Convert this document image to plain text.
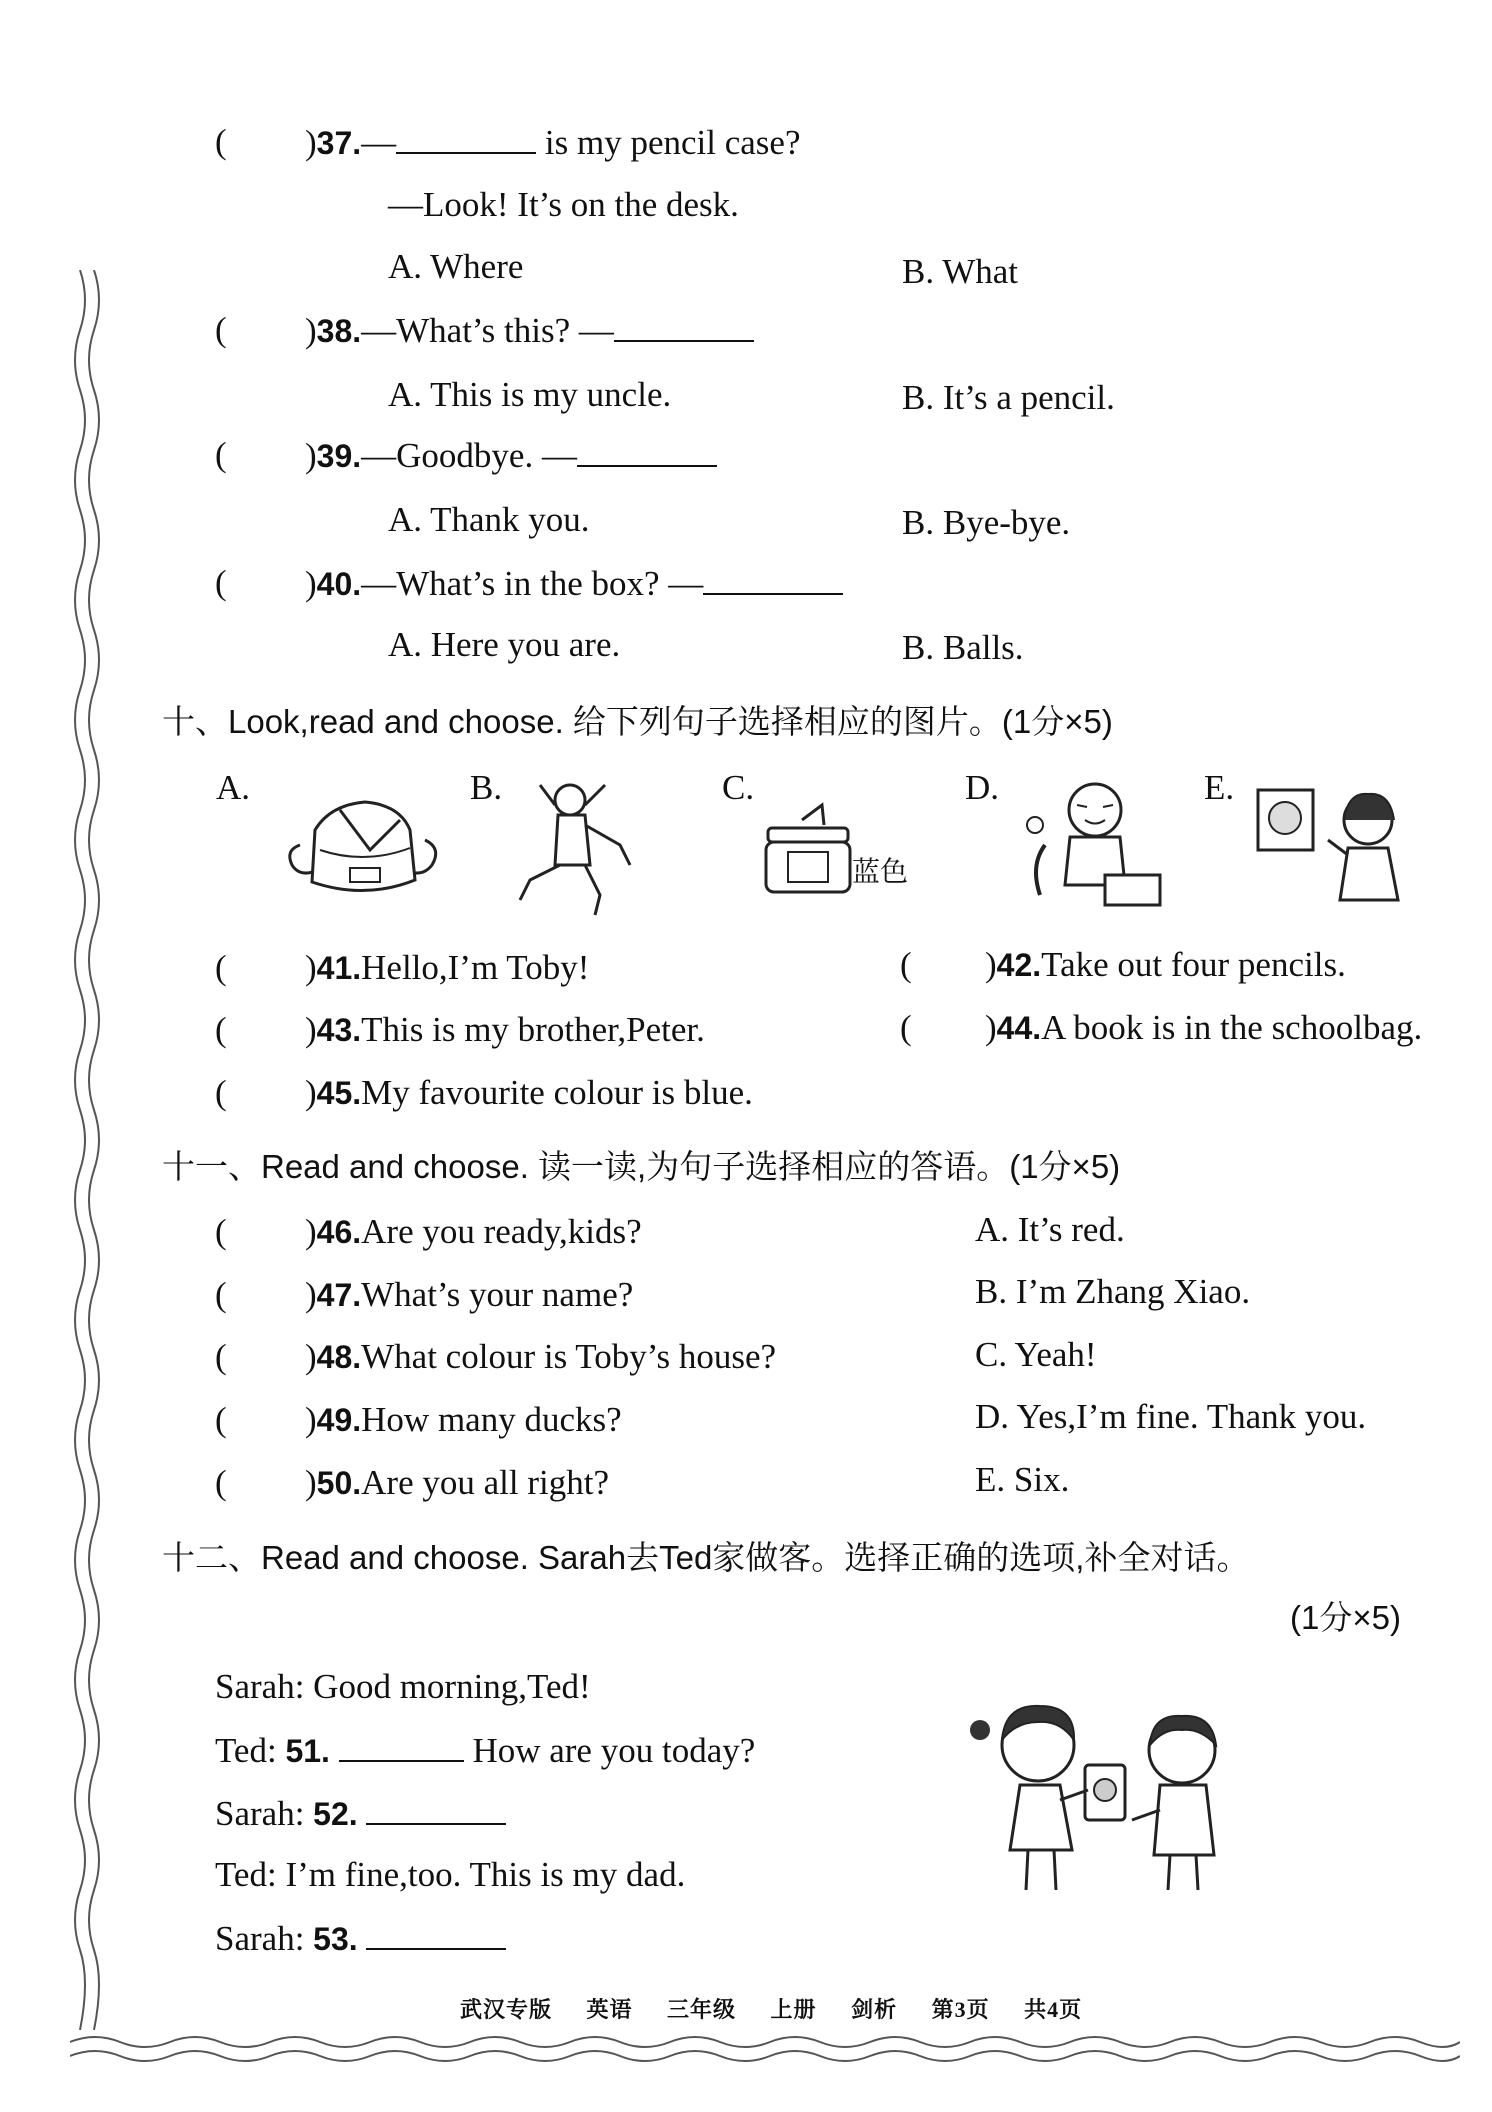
( )37.—	is my pencil case?
—Look! It’s on the desk.
A. Where	B. What
( )38.—What’s this? —
A. This is my uncle.	B. It’s a pencil.
( )39.—Goodbye. —
A. Thank you.	B. Bye-bye.
( )40.—What’s in the box? —
A. Here you are.	B. Balls.
十、Look,read and choose. 给下列句子选择相应的图片。(1分×5)
A.	B.	C.	D.	E.
蓝色
( )41.Hello,I’m Toby!	( )42.Take out four pencils.
( )43.This is my brother,Peter.	( )44.A book is in the schoolbag.
( )45.My favourite colour is blue.
十一、Read and choose. 读一读,为句子选择相应的答语。(1分×5)
( )46.Are you ready,kids?	A. It’s red.
( )47.What’s your name?	B. I’m Zhang Xiao.
( )48.What colour is Toby’s house?	C. Yeah!
( )49.How many ducks?	D. Yes,I’m fine. Thank you.
( )50.Are you all right?	E. Six.
十二、Read and choose. Sarah去Ted家做客。选择正确的选项,补全对话。
(1分×5)
Sarah: Good morning,Ted!
Ted: 51.	How are you today?
Sarah: 52.
Ted: I’m fine,too. This is my dad.
Sarah: 53.
武汉专版 英语 三年级 上册 剑析 第3页 共4页
